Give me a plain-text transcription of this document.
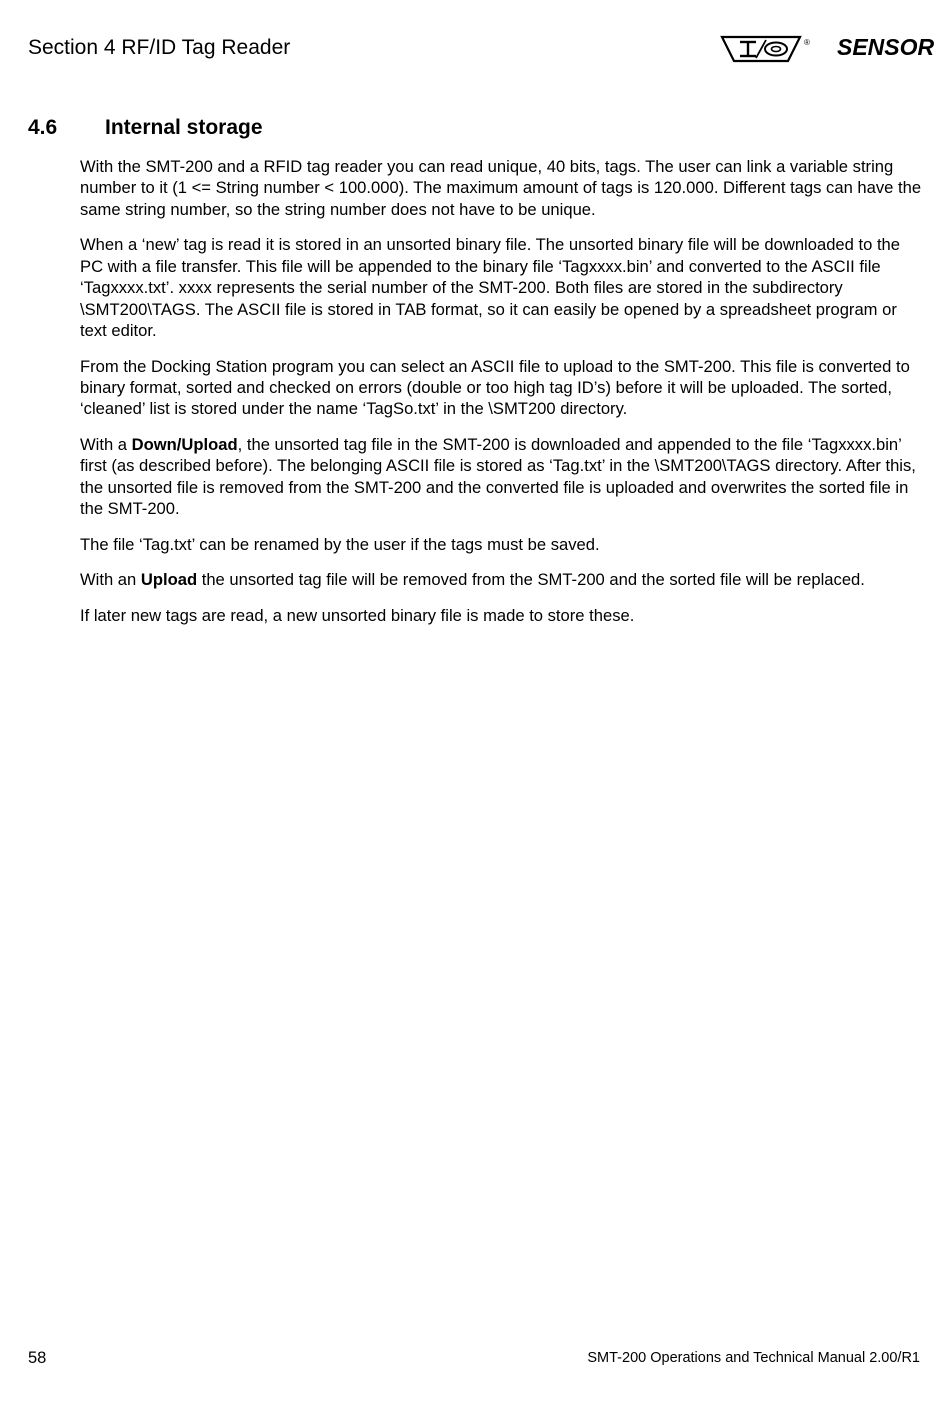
Section 4 RF/ID Tag Reader	® SENSOR
4.6 Internal storage

With the SMT-200 and a RFID tag reader you can read unique, 40 bits, tags. The user can link a variable string number to it (1 <= String number < 100.000). The maximum amount of tags is 120.000. Different tags can have the same string number, so the string number does not have to be unique.

When a ‘new’ tag is read it is stored in an unsorted binary file. The unsorted binary file will be downloaded to the PC with a file transfer. This file will be appended to the binary file ‘Tagxxxx.bin’ and converted to the ASCII file ‘Tagxxxx.txt’. xxxx represents the serial number of the SMT-200. Both files are stored in the subdirectory \SMT200\TAGS. The ASCII file is stored in TAB format, so it can easily be opened by a spreadsheet program or text editor.

From the Docking Station program you can select an ASCII file to upload to the SMT-200. This file is converted to binary format, sorted and checked on errors (double or too high tag ID’s) before it will be uploaded. The sorted, ‘cleaned’ list is stored under the name ‘TagSo.txt’ in the \SMT200 directory.

With a Down/Upload, the unsorted tag file in the SMT-200 is downloaded and appended to the file ‘Tagxxxx.bin’ first (as described before). The belonging ASCII file is stored as ‘Tag.txt’ in the \SMT200\TAGS directory. After this, the unsorted file is removed from the SMT-200 and the converted file is uploaded and overwrites the sorted file in the SMT-200.

The file ‘Tag.txt’ can be renamed by the user if the tags must be saved.

With an Upload the unsorted tag file will be removed from the SMT-200 and the sorted file will be replaced.

If later new tags are read, a new unsorted binary file is made to store these.

58	SMT-200 Operations and Technical Manual 2.00/R1
